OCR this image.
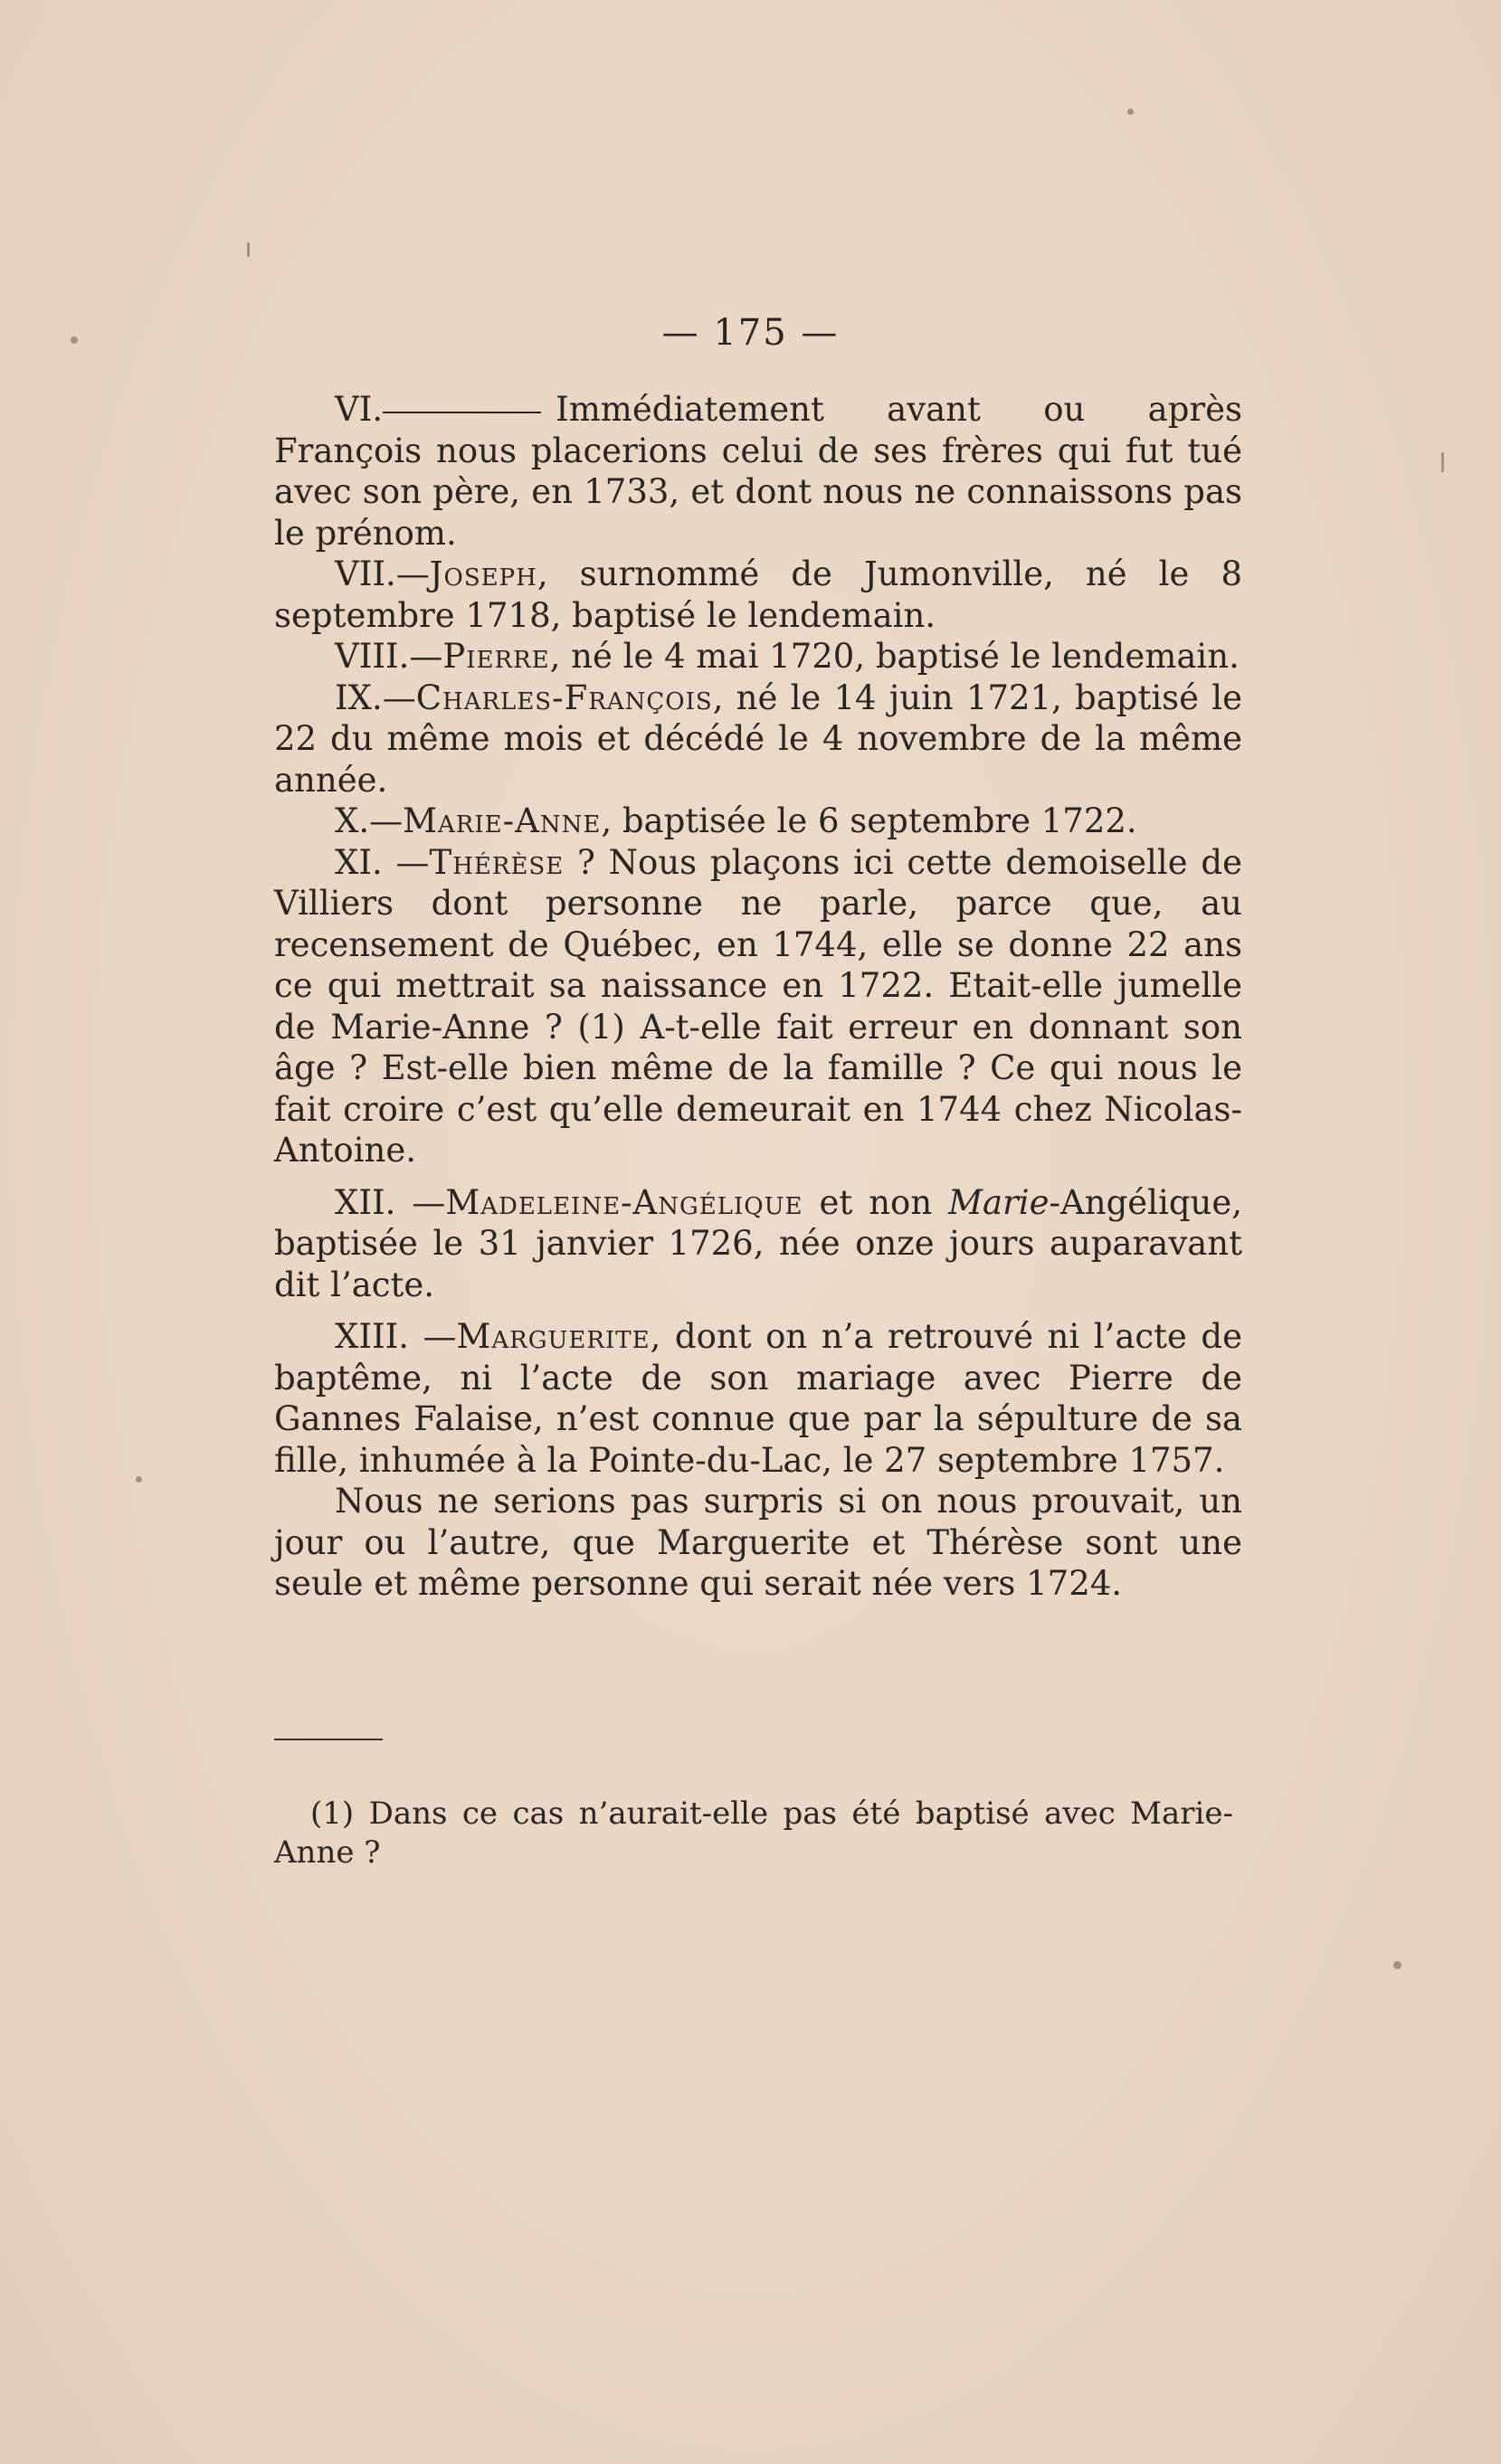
— 175 —

VI.	Immédiatement avant ou après François nous placerions celui de ses frères qui fut tué avec son père, en 1733, et dont nous ne connaissons pas le prénom.

VII.—Joseph, surnommé de Jumonville, né le 8 septembre 1718, baptisé le lendemain.

VIII.—Pierre, né le 4 mai 1720, baptisé le lendemain.

IX.—Charles-François, né le 14 juin 1721, baptisé le 22 du même mois et décédé le 4 novembre de la même année.

X.—Marie-Anne, baptisée le 6 septembre 1722.

XI. —Thérèse ? Nous plaçons ici cette demoiselle de Villiers dont personne ne parle, parce que, au recensement de Québec, en 1744, elle se donne 22 ans ce qui mettrait sa naissance en 1722. Etait-elle jumelle de Marie-Anne ? (1) A-t-elle fait erreur en donnant son âge ? Est-elle bien même de la famille ? Ce qui nous le fait croire c’est qu’elle demeurait en 1744 chez Nicolas-Antoine.

XII. —Madeleine-Angélique et non Marie-Angélique, baptisée le 31 janvier 1726, née onze jours auparavant dit l’acte.

XIII. —Marguerite, dont on n’a retrouvé ni l’acte de baptême, ni l’acte de son mariage avec Pierre de Gannes Falaise, n’est connue que par la sépulture de sa fille, inhumée à la Pointe-du-Lac, le 27 septembre 1757.

Nous ne serions pas surpris si on nous prouvait, un jour ou l’autre, que Marguerite et Thérèse sont une seule et même personne qui serait née vers 1724.

(1) Dans ce cas n’aurait-elle pas été baptisé avec Marie-Anne ?
